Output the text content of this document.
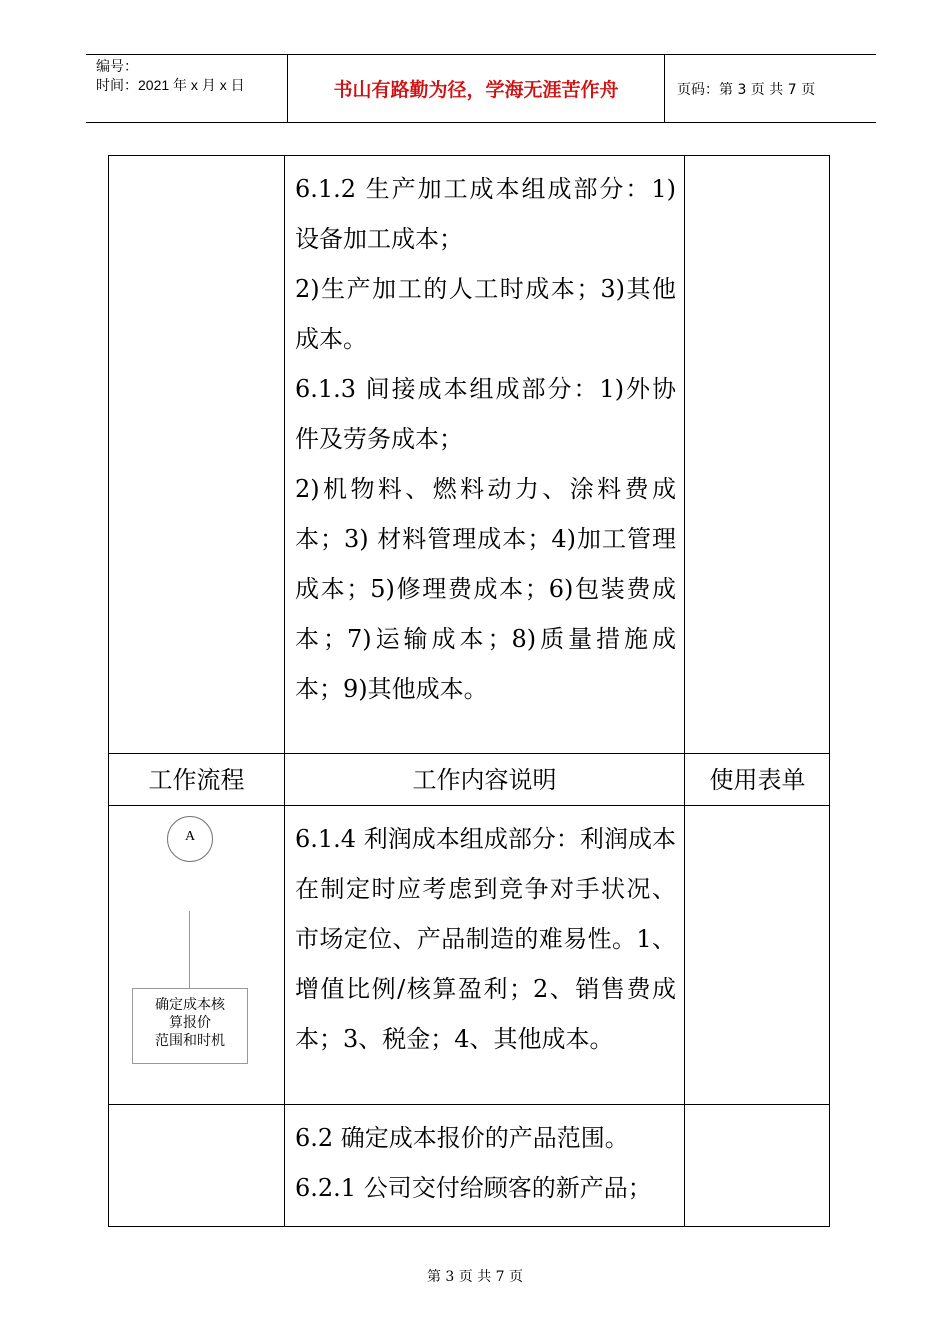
编号：
时间：2021 年 x 月 x 日	书山有路勤为径，学海无涯苦作舟	页码：第 3 页 共 7 页

6.1.2 生产加工成本组成部分：1)设备加工成本；

2)生产加工的人工时成本；3)其他成本。

6.1.3 间接成本组成部分：1)外协件及劳务成本；

2)机物料、燃料动力、涂料费成本；3) 材料管理成本；4)加工管理成本；5)修理费成本；6)包装费成本；7)运输成本；8)质量措施成本；9)其他成本。

工作流程	工作内容说明	使用表单
A
确定成本核
算报价
范围和时机

6.1.4 利润成本组成部分：利润成本在制定时应考虑到竞争对手状况、市场定位、产品制造的难易性。1、增值比例/核算盈利；2、销售费成本；3、税金；4、其他成本。

6.2 确定成本报价的产品范围。

6.2.1 公司交付给顾客的新产品；

第 3 页 共 7 页
